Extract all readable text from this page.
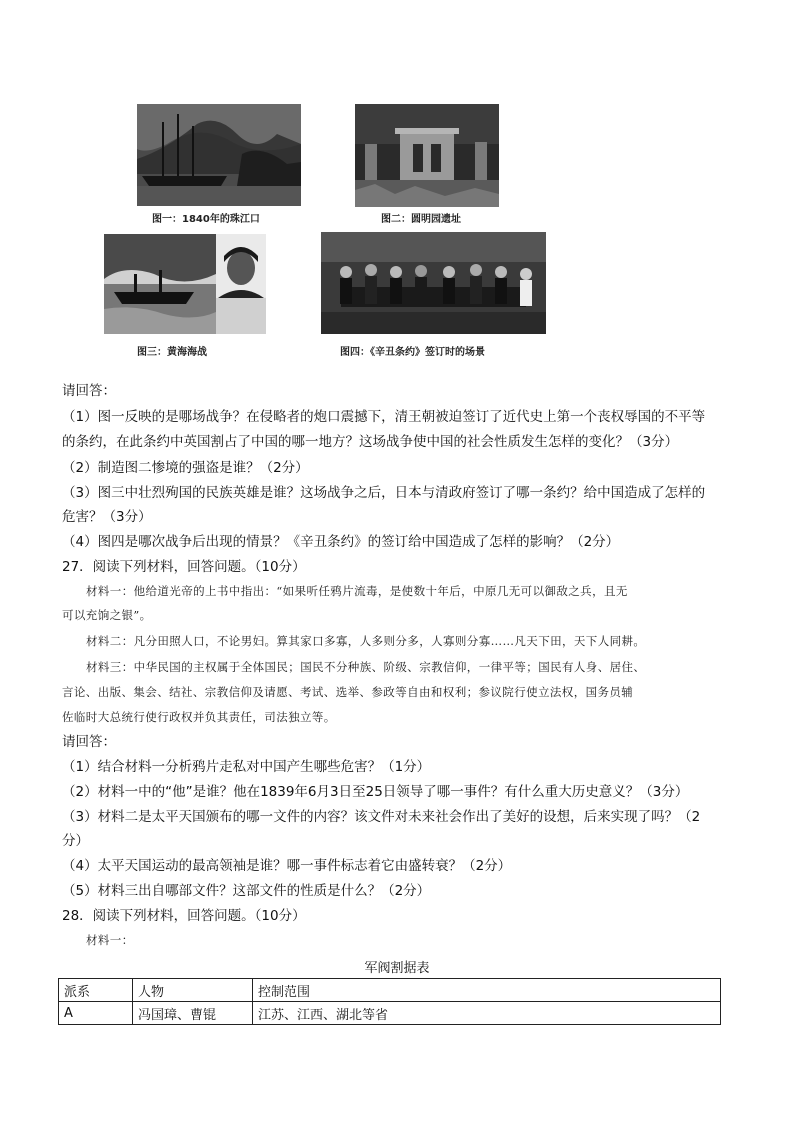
图一：1840年的珠江口	图二：圆明园遗址
图三：黄海海战	图四：《辛丑条约》签订时的场景
请回答：
（1）图一反映的是哪场战争？在侵略者的炮口震撼下，清王朝被迫签订了近代史上第一个丧权辱国的不平等
的条约，在此条约中英国割占了中国的哪一地方？这场战争使中国的社会性质发生怎样的变化？（3分）
（2）制造图二惨境的强盗是谁？（2分）
（3）图三中壮烈殉国的民族英雄是谁？这场战争之后，日本与清政府签订了哪一条约？给中国造成了怎样的
危害？（3分）
（4）图四是哪次战争后出现的情景？《辛丑条约》的签订给中国造成了怎样的影响？（2分）
27．阅读下列材料，回答问题。（10分）
材料一：他给道光帝的上书中指出：“如果听任鸦片流毒，是使数十年后，中原几无可以御敌之兵，且无
可以充饷之银”。
材料二：凡分田照人口，不论男妇。算其家口多寡，人多则分多，人寡则分寡……凡天下田，天下人同耕。
材料三：中华民国的主权属于全体国民；国民不分种族、阶级、宗教信仰，一律平等；国民有人身、居住、
言论、出版、集会、结社、宗教信仰及请愿、考试、选举、参政等自由和权利；参议院行使立法权，国务员辅
佐临时大总统行使行政权并负其责任，司法独立等。
请回答：
（1）结合材料一分析鸦片走私对中国产生哪些危害？（1分）
（2）材料一中的“他”是谁？他在1839年6月3日至25日领导了哪一事件？有什么重大历史意义？（3分）
（3）材料二是太平天国颁布的哪一文件的内容？该文件对未来社会作出了美好的设想，后来实现了吗？（2
分）
（4）太平天国运动的最高领袖是谁？哪一事件标志着它由盛转衰？（2分）
（5）材料三出自哪部文件？这部文件的性质是什么？（2分）
28．阅读下列材料，回答问题。（10分）
材料一：
军阀割据表
派系	人物	控制范围
A	冯国璋、曹锟	江苏、江西、湖北等省
